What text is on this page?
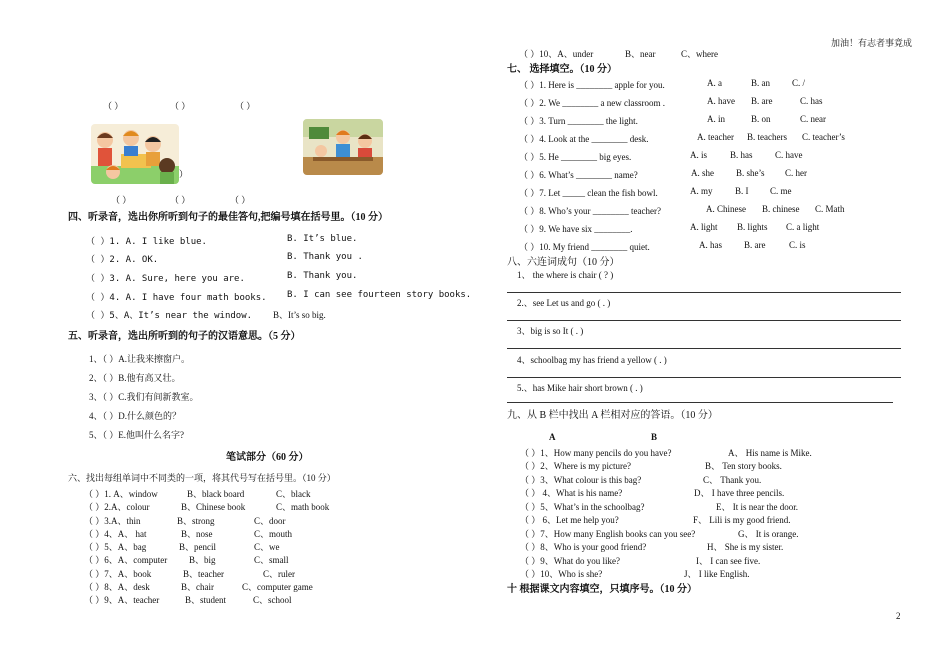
加油！有志者事竟成
（ ）	（ ）	（ ）
）
（ ）	（ ）	（ ）
四、听录音，选出你所听到句子的最佳答句,把编号填在括号里。（10 分）
（ ）1. A. I like blue.	B. It’s blue.
（ ）2. A. OK.	B. Thank you .
（ ）3. A. Sure, here you are.	B. Thank you.
（ ）4. A. I have four math books. B. I can see fourteen story books.
（ ）5、A、It’s near the window. B、It’s so big.
五、听录音，选出所听到的句子的汉语意思。（5 分）
1、（ ）A.让我来擦窗户。
2、（ ）B.他有高又壮。
3、（ ）C.我们有间新教室。
4、（ ）D.什么颜色的？
5、（ ）E.他叫什么名字?
笔试部分（60 分）
六、找出每组单词中不同类的一项，将其代号写在括号里。（10 分）
（ ）1. A、window	B、black board	C、black
（ ）2.A、colour	B、Chinese book	C、math book
（ ）3.A、thin	B、strong	C、door
（ ）4、A、 hat	B、nose	C、mouth
（ ）5、A、bag	B、pencil	C、we
（ ）6、A、computer B、big	C、small
（ ）7、A、book	B、teacher	C、ruler
（ ）8、A、desk	B、chair	C、computer game
（ ）9、A、teacher	B、student	C、school
（ ）10、A、under	B、near	C、where
七、 选择填空。（10 分）
（ ）1. Here is ________ apple for you.	A. a	B. an C. /
（ ）2. We ________ a new classroom .	A. have B. are	C. has
（ ）3. Turn ________ the light.	A. in	B. on	C. near
（ ）4. Look at the ________ desk.	A. teacher B. teachers C. teacher’s
（ ）5. He ________ big eyes.	A. is	B. has	C. have
（ ）6. What’s ________ name?	A. she B. she’s C. her
（ ）7. Let _____ clean the fish bowl.	A. my	B. I C. me
（ ）8. Who’s your ________ teacher?	A. Chinese B. chinese C. Math
（ ）9. We have six ________.	A. light B. lights C. a light
（ ）10. My friend ________ quiet.	A. has B. are	C. is
八、六连词成句（10 分）
1、 the where is chair ( ? )
2.、see Let us and go ( . )
3、big is so It ( . )
4、schoolbag my has friend a yellow ( . )
5.、has Mike hair short brown ( . )
九、从 B 栏中找出 A 栏相对应的答语。（10 分）
A	B
（ ）1、How many pencils do you have?	A、 His name is Mike.
（ ）2、Where is my picture?	B、 Ten story books.
（ ）3、What colour is this bag?	C、 Thank you.
（ ） 4、What is his name?	D、 I have three pencils.
（ ）5、What’s in the schoolbag?	E、 It is near the door.
（ ） 6、Let me help you?	F、 Lili is my good friend.
（ ）7、How many English books can you see?	G、 It is orange.
（ ）8、Who is your good friend?	H、 She is my sister.
（ ）9、What do you like?	I、 I can see five.
（ ）10、Who is she?	J、 I like English.
十 根据课文内容填空，只填序号。（10 分）
2
